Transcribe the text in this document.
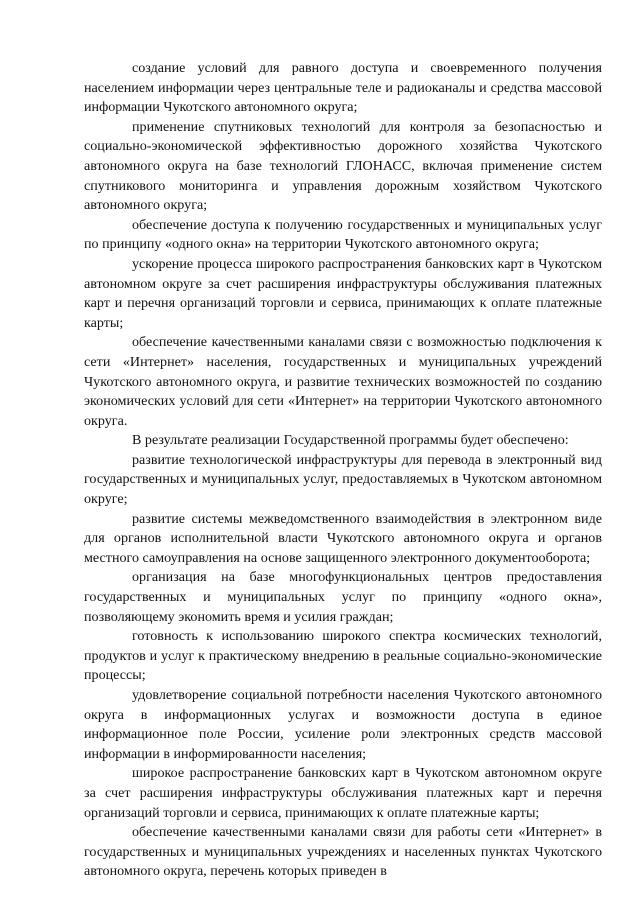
создание условий для равного доступа и своевременного получения населением информации через центральные теле и радиоканалы и средства массовой информации Чукотского автономного округа;

применение спутниковых технологий для контроля за безопасностью и социально-экономической эффективностью дорожного хозяйства Чукотского автономного округа на базе технологий ГЛОНАСС, включая применение систем спутникового мониторинга и управления дорожным хозяйством Чукотского автономного округа;

обеспечение доступа к получению государственных и муниципальных услуг по принципу «одного окна» на территории Чукотского автономного округа;

ускорение процесса широкого распространения банковских карт в Чукотском автономном округе за счет расширения инфраструктуры обслуживания платежных карт и перечня организаций торговли и сервиса, принимающих к оплате платежные карты;

обеспечение качественными каналами связи с возможностью подключения к сети «Интернет» населения, государственных и муниципальных учреждений Чукотского автономного округа, и развитие технических возможностей по созданию экономических условий для сети «Интернет» на территории Чукотского автономного округа.

В результате реализации Государственной программы будет обеспечено:

развитие технологической инфраструктуры для перевода в электронный вид государственных и муниципальных услуг, предоставляемых в Чукотском автономном округе;

развитие системы межведомственного взаимодействия в электронном виде для органов исполнительной власти Чукотского автономного округа и органов местного самоуправления на основе защищенного электронного документооборота;

организация на базе многофункциональных центров предоставления государственных и муниципальных услуг по принципу «одного окна», позволяющему экономить время и усилия граждан;

готовность к использованию широкого спектра космических технологий, продуктов и услуг к практическому внедрению в реальные социально-экономические процессы;

удовлетворение социальной потребности населения Чукотского автономного округа в информационных услугах и возможности доступа в единое информационное поле России, усиление роли электронных средств массовой информации в информированности населения;

широкое распространение банковских карт в Чукотском автономном округе за счет расширения инфраструктуры обслуживания платежных карт и перечня организаций торговли и сервиса, принимающих к оплате платежные карты;

обеспечение качественными каналами связи для работы сети «Интернет» в государственных и муниципальных учреждениях и населенных пунктах Чукотского автономного округа, перечень которых приведен в
